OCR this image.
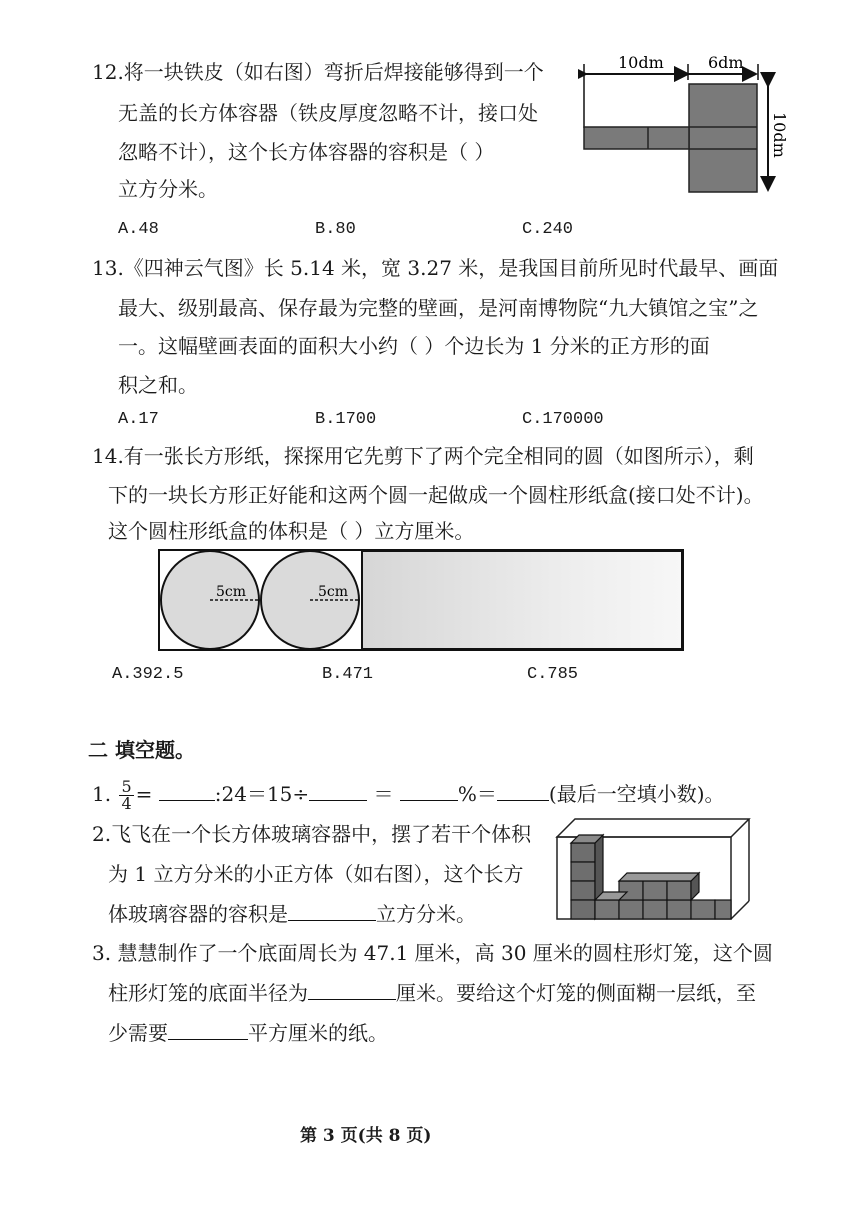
12.将一块铁皮（如右图）弯折后焊接能够得到一个
无盖的长方体容器（铁皮厚度忽略不计，接口处
忽略不计），这个长方体容器的容积是（ ）
立方分米。
A.48	B.80	C.240
10dm	6dm
10dm
13.《四神云气图》长 5.14 米，宽 3.27 米，是我国目前所见时代最早、画面
最大、级别最高、保存最为完整的壁画，是河南博物院“九大镇馆之宝”之
一。这幅壁画表面的面积大小约（ ）个边长为 1 分米的正方形的面
积之和。
A.17	B.1700	C.170000
14.有一张长方形纸，探探用它先剪下了两个完全相同的圆（如图所示），剩
下的一块长方形正好能和这两个圆一起做成一个圆柱形纸盒(接口处不计)。
这个圆柱形纸盒的体积是（ ）立方厘米。
5cm	5cm
A.392.5	B.471	C.785
二 填空题。
1. $\frac{5}{4}$ =	:24＝15÷	＝	%＝	(最后一空填小数)。
2.飞飞在一个长方体玻璃容器中，摆了若干个体积
为 1 立方分米的小正方体（如右图），这个长方
体玻璃容器的容积是	立方分米。
3. 慧慧制作了一个底面周长为 47.1 厘米，高 30 厘米的圆柱形灯笼，这个圆
柱形灯笼的底面半径为	厘米。要给这个灯笼的侧面糊一层纸，至
少需要	平方厘米的纸。
第 3 页(共 8 页)
